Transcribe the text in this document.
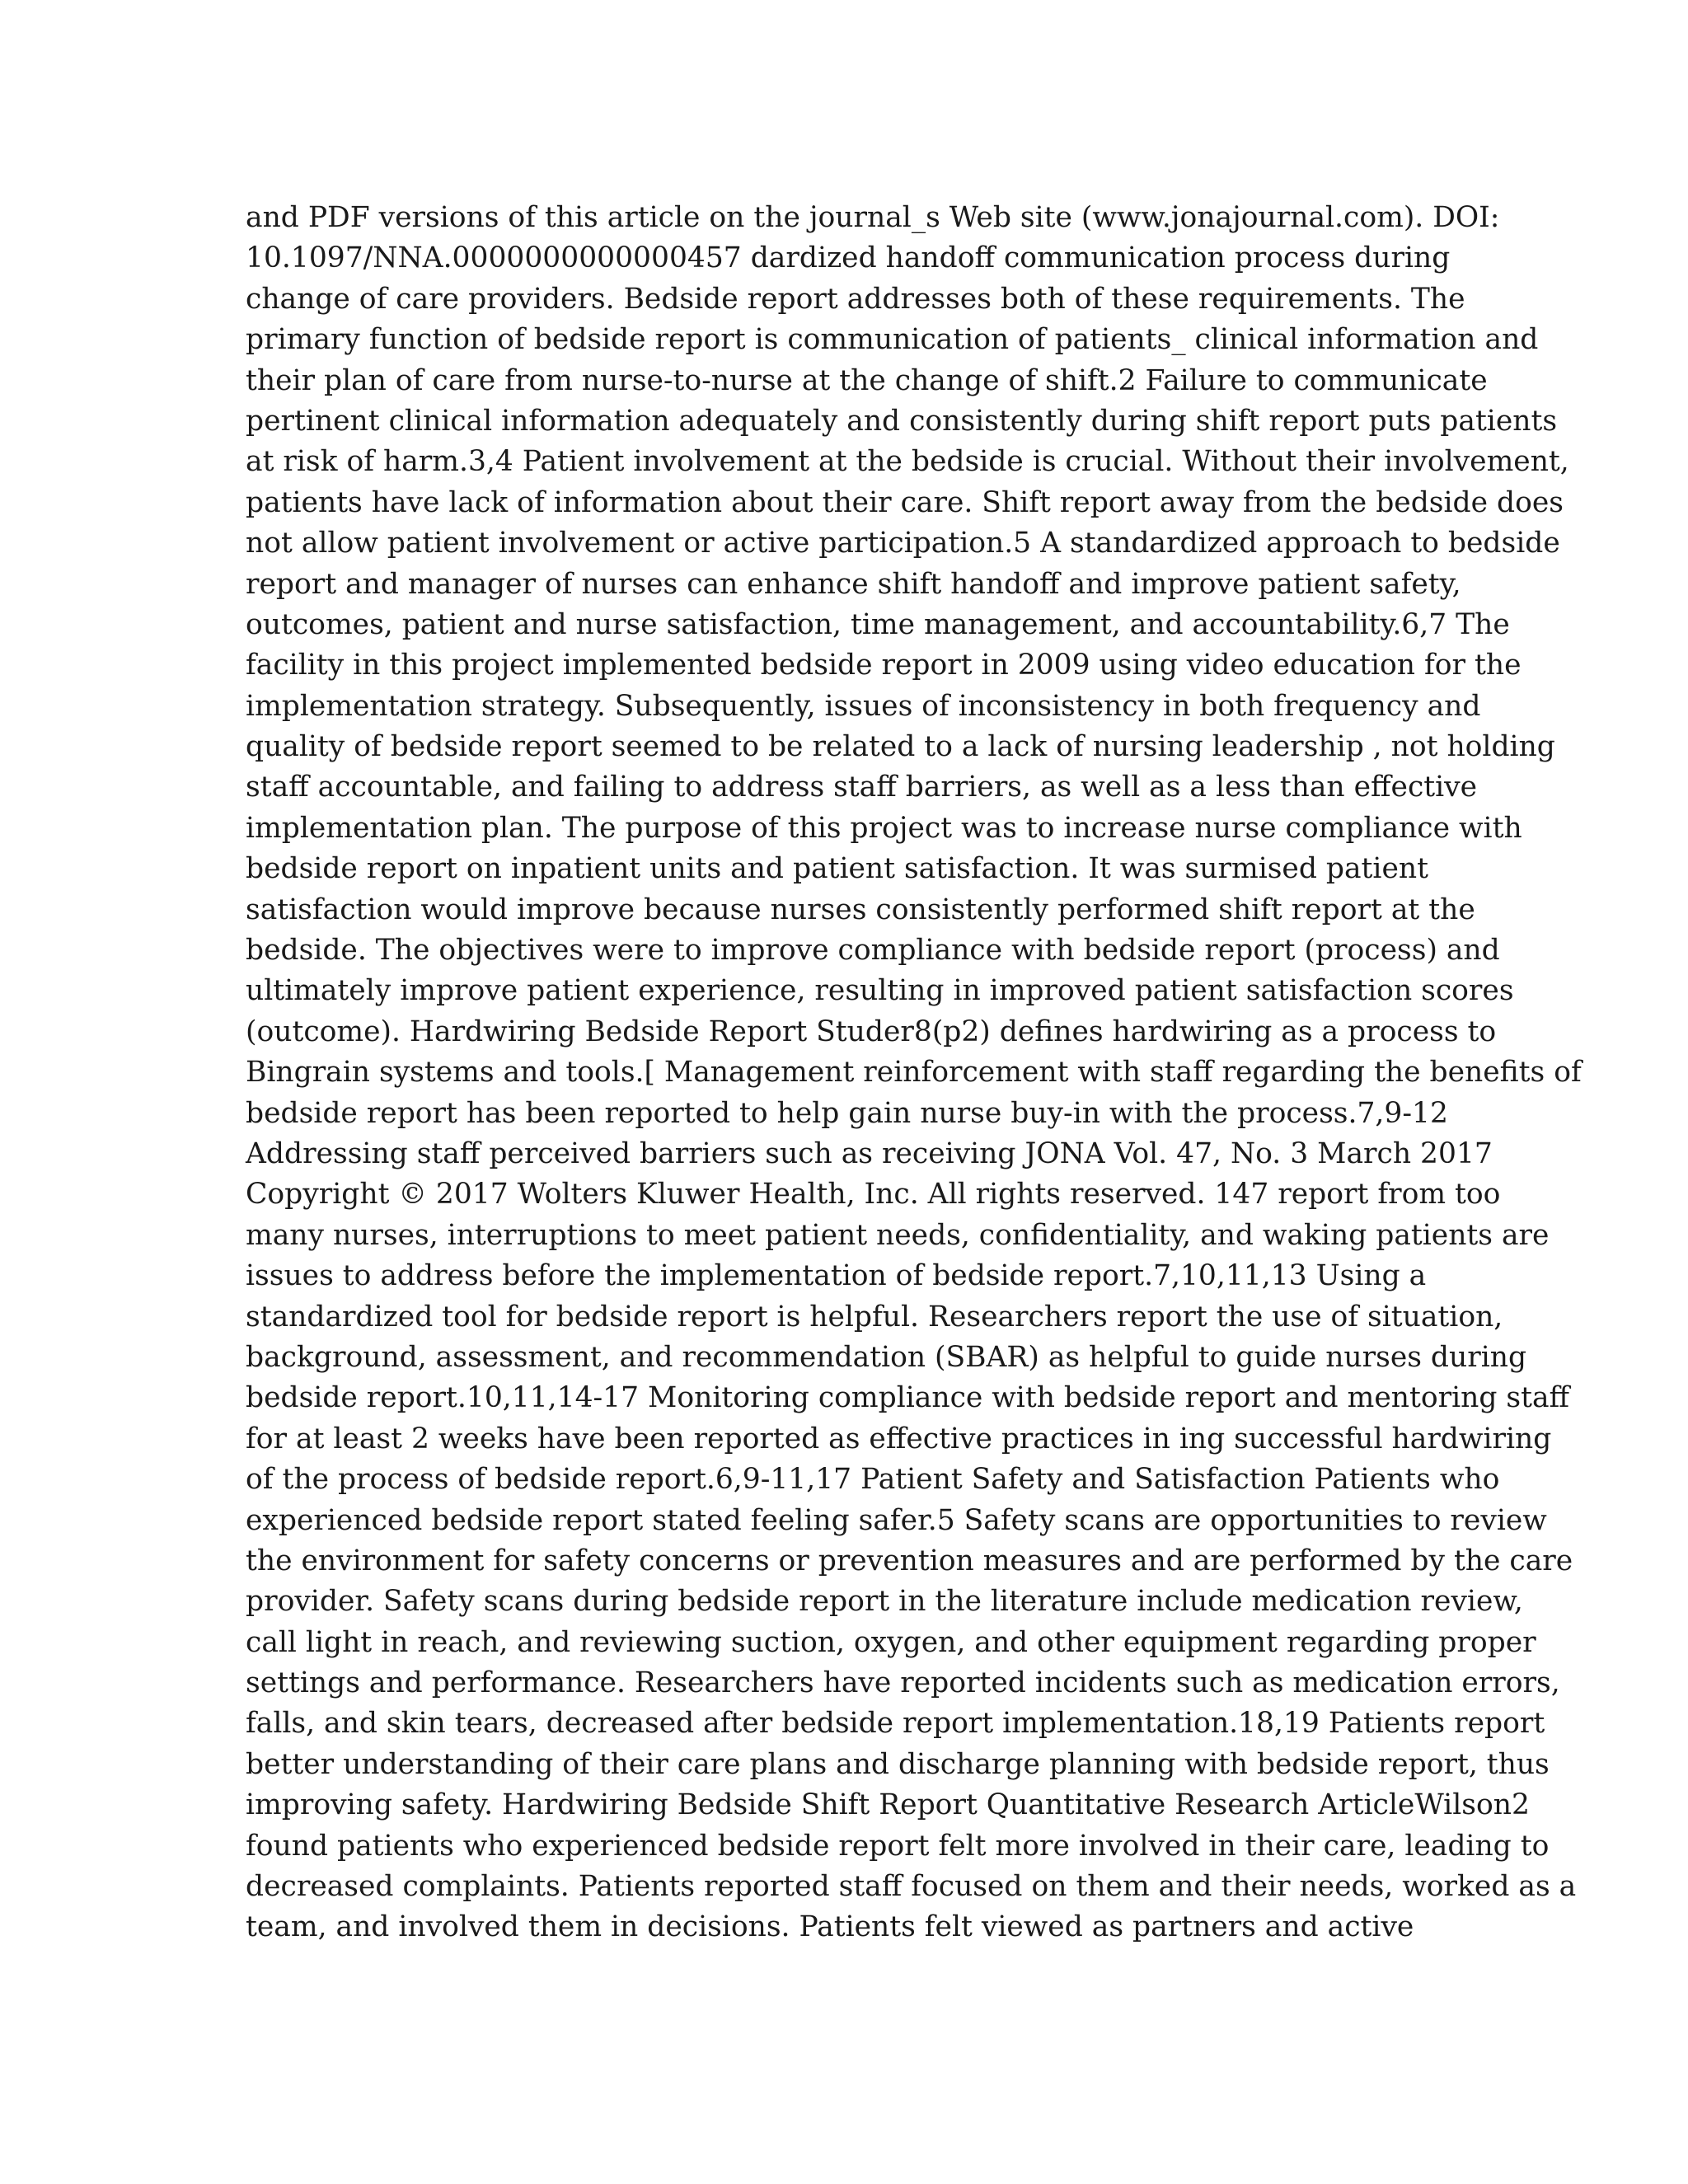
and PDF versions of this article on the journal_s Web site (www.jonajournal.com). DOI:
10.1097/NNA.0000000000000457 dardized handoff communication process during
change of care providers. Bedside report addresses both of these requirements. The
primary function of bedside report is communication of patients_ clinical information and
their plan of care from nurse-to-nurse at the change of shift.2 Failure to communicate
pertinent clinical information adequately and consistently during shift report puts patients
at risk of harm.3,4 Patient involvement at the bedside is crucial. Without their involvement,
patients have lack of information about their care. Shift report away from the bedside does
not allow patient involvement or active participation.5 A standardized approach to bedside
report and manager of nurses can enhance shift handoff and improve patient safety,
outcomes, patient and nurse satisfaction, time management, and accountability.6,7 The
facility in this project implemented bedside report in 2009 using video education for the
implementation strategy. Subsequently, issues of inconsistency in both frequency and
quality of bedside report seemed to be related to a lack of nursing leadership , not holding
staff accountable, and failing to address staff barriers, as well as a less than effective
implementation plan. The purpose of this project was to increase nurse compliance with
bedside report on inpatient units and patient satisfaction. It was surmised patient
satisfaction would improve because nurses consistently performed shift report at the
bedside. The objectives were to improve compliance with bedside report (process) and
ultimately improve patient experience, resulting in improved patient satisfaction scores
(outcome). Hardwiring Bedside Report Studer8(p2) defines hardwiring as a process to
Bingrain systems and tools.[ Management reinforcement with staff regarding the benefits of
bedside report has been reported to help gain nurse buy-in with the process.7,9-12
Addressing staff perceived barriers such as receiving JONA Vol. 47, No. 3 March 2017
Copyright © 2017 Wolters Kluwer Health, Inc. All rights reserved. 147 report from too
many nurses, interruptions to meet patient needs, confidentiality, and waking patients are
issues to address before the implementation of bedside report.7,10,11,13 Using a
standardized tool for bedside report is helpful. Researchers report the use of situation,
background, assessment, and recommendation (SBAR) as helpful to guide nurses during
bedside report.10,11,14-17 Monitoring compliance with bedside report and mentoring staff
for at least 2 weeks have been reported as effective practices in ing successful hardwiring
of the process of bedside report.6,9-11,17 Patient Safety and Satisfaction Patients who
experienced bedside report stated feeling safer.5 Safety scans are opportunities to review
the environment for safety concerns or prevention measures and are performed by the care
provider. Safety scans during bedside report in the literature include medication review,
call light in reach, and reviewing suction, oxygen, and other equipment regarding proper
settings and performance. Researchers have reported incidents such as medication errors,
falls, and skin tears, decreased after bedside report implementation.18,19 Patients report
better understanding of their care plans and discharge planning with bedside report, thus
improving safety. Hardwiring Bedside Shift Report Quantitative Research ArticleWilson2
found patients who experienced bedside report felt more involved in their care, leading to
decreased complaints. Patients reported staff focused on them and their needs, worked as a
team, and involved them in decisions. Patients felt viewed as partners and active
